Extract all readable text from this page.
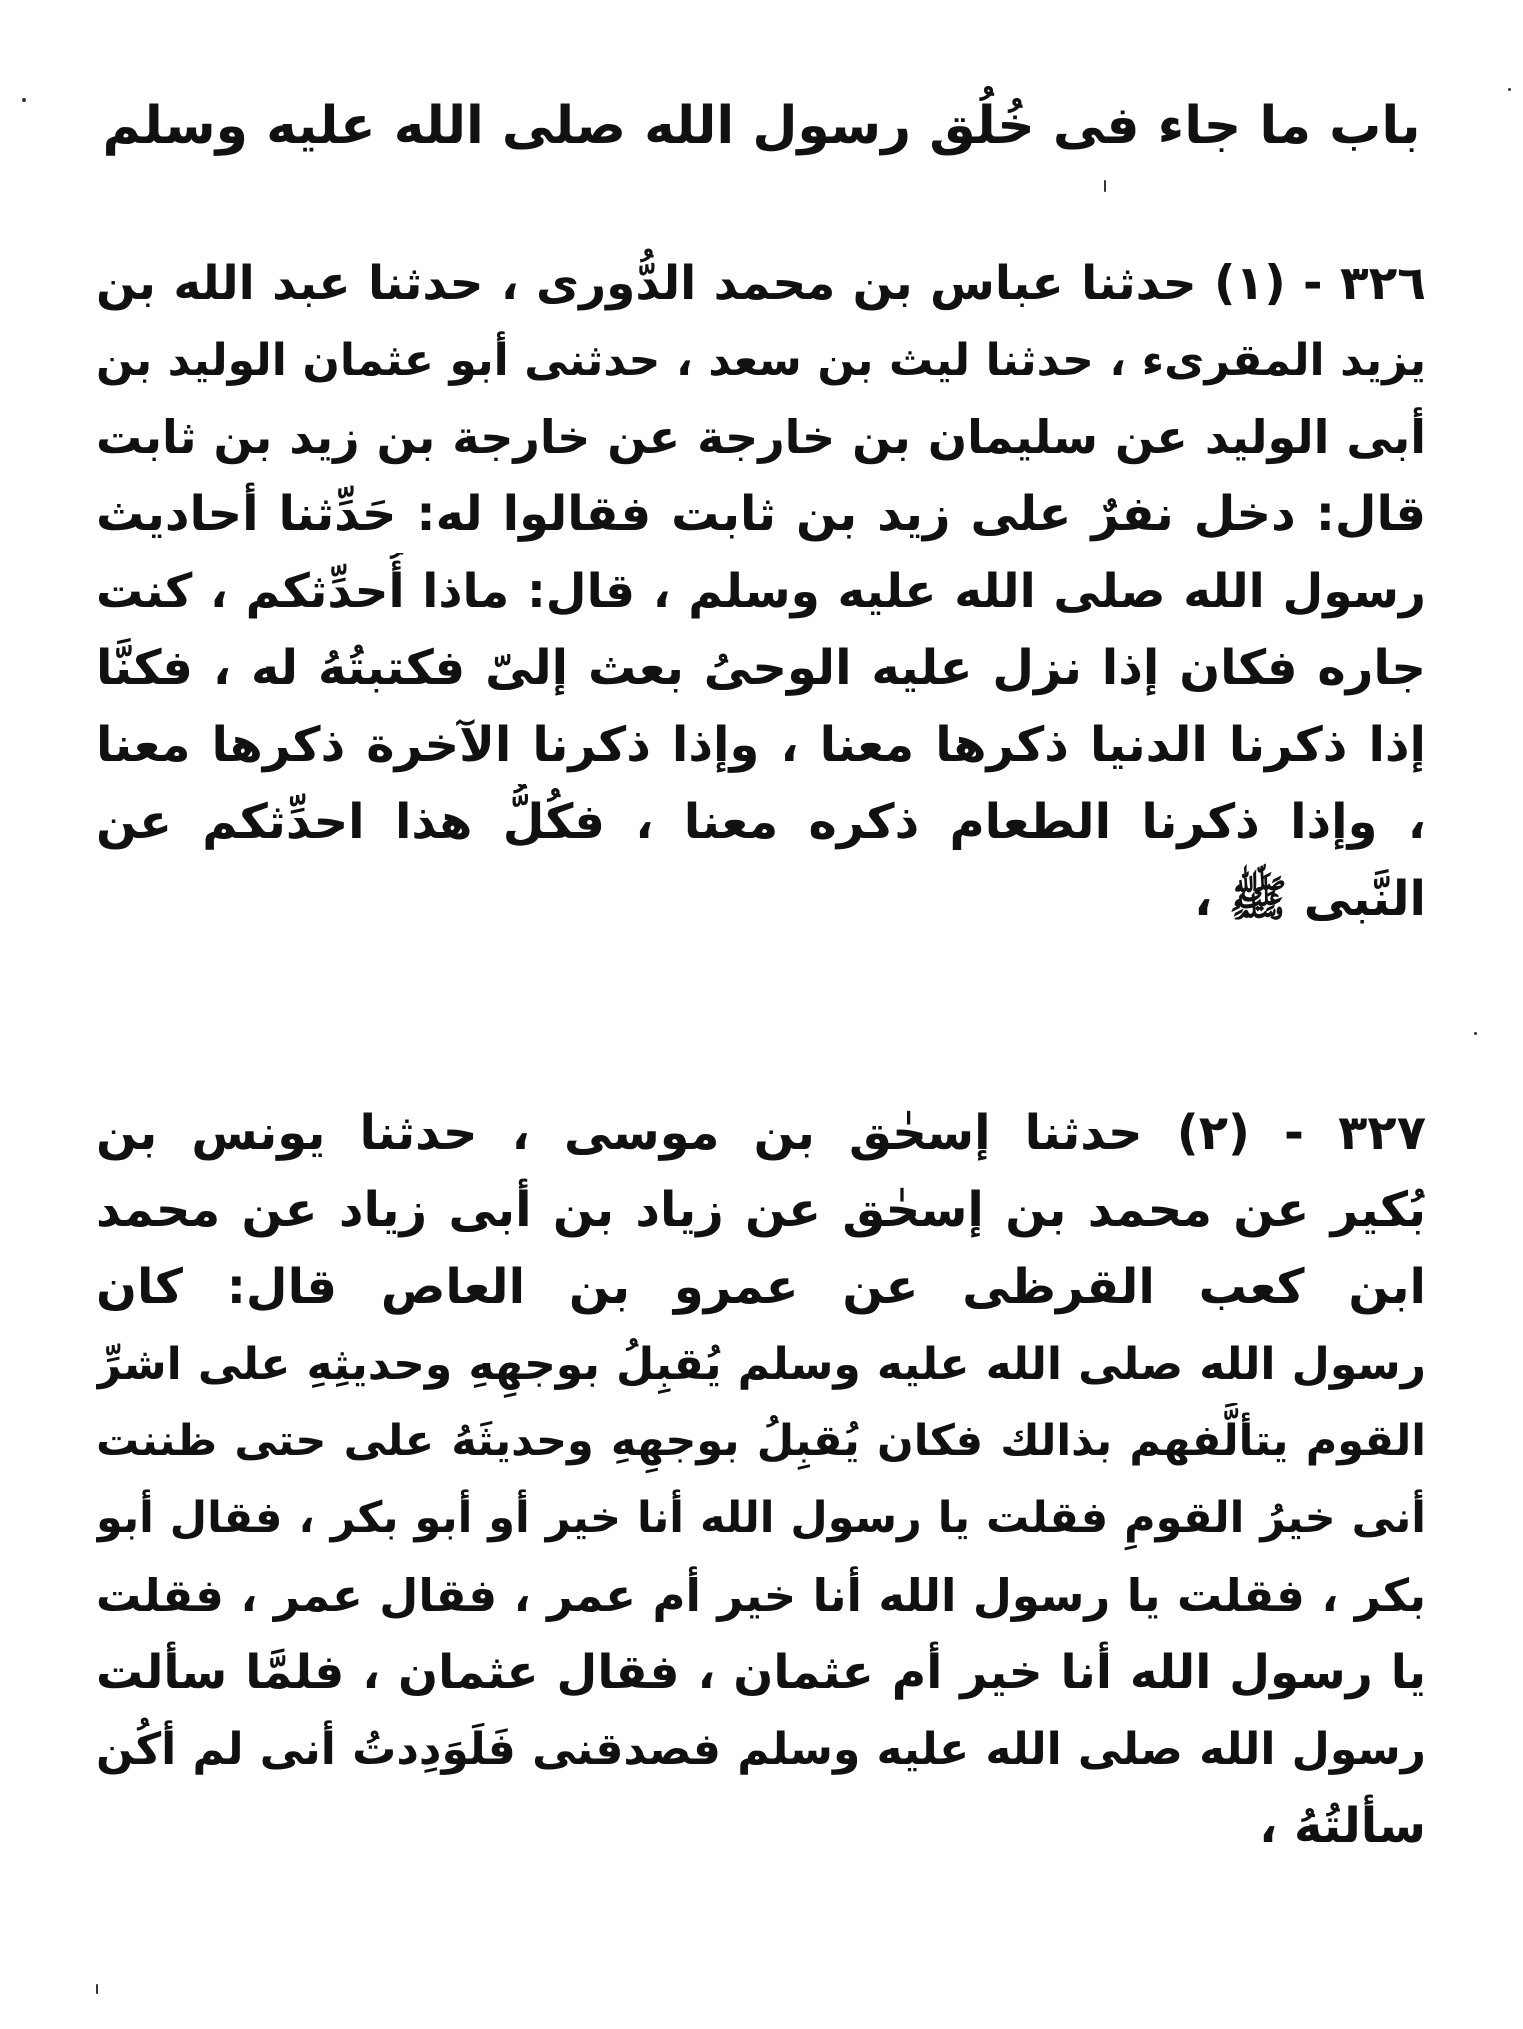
باب ما جاء فى خُلُق رسول الله صلى الله عليه وسلم
٣٢٦ - (١) حدثنا عباس بن محمد الدُّورى ، حدثنا عبد الله بن
يزيد المقرىء ، حدثنا ليث بن سعد ، حدثنى أبو عثمان الوليد بن
أبى الوليد عن سليمان بن خارجة عن خارجة بن زيد بن ثابت
قال: دخل نفرٌ على زيد بن ثابت فقالوا له: حَدِّثنا أحاديث
رسول الله صلى الله عليه وسلم ، قال: ماذا أُحدِّثكم ، كنت
جاره فكان إذا نزل عليه الوحىُ بعث إلىّ فكتبتُهُ له ، فكنَّا
إذا ذكرنا الدنيا ذكرها معنا ، وإذا ذكرنا الآخرة ذكرها معنا
، وإذا ذكرنا الطعام ذكره معنا ، فكُلُّ هذا احدِّثكم عن
النَّبى ﷺ ،
٣٢٧ - (٢) حدثنا إسحٰق بن موسى ، حدثنا يونس بن
بُكير عن محمد بن إسحٰق عن زياد بن أبى زياد عن محمد
ابن كعب القرظى عن عمرو بن العاص قال: كان
رسول الله صلى الله عليه وسلم يُقبِلُ بوجهِهِ وحديثِهِ على اشرِّ
القوم يتألَّفهم بذالك فكان يُقبِلُ بوجهِهِ وحديثَهُ على حتى ظننت
أنى خيرُ القومِ فقلت يا رسول الله أنا خير أو أبو بكر ، فقال أبو
بكر ، فقلت يا رسول الله أنا خير أم عمر ، فقال عمر ، فقلت
يا رسول الله أنا خير أم عثمان ، فقال عثمان ، فلمَّا سألت
رسول الله صلى الله عليه وسلم فصدقنى فَلَوَدِدتُ أنى لم أكُن
سألتُهُ ،
